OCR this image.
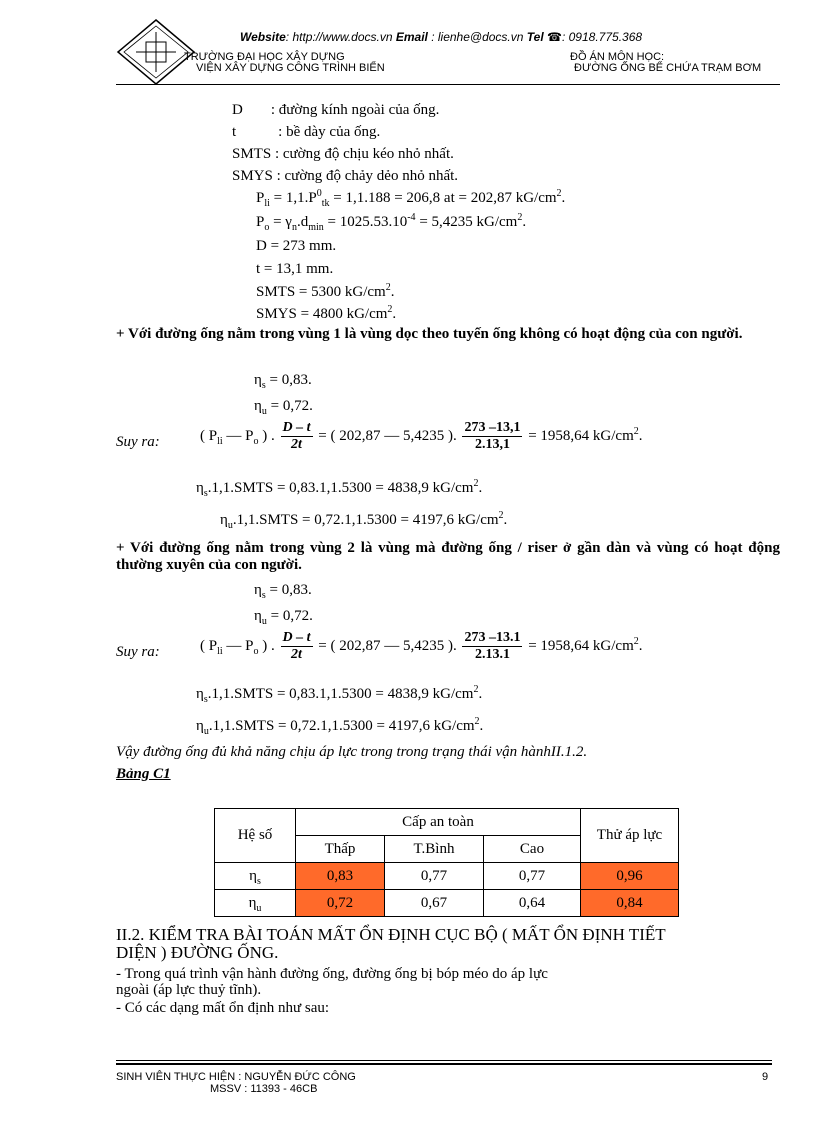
Website: http://www.docs.vn Email : lienhe@docs.vn Tel ☎: 0918.775.368
TRƯỜNG ĐẠI HỌC XÂY DỰNG
VIỆN XÂY DỰNG CÔNG TRÌNH BIỂN
ĐỒ ÁN MÔN HỌC:
ĐƯỜNG ỐNG BỂ CHỨA TRẠM BƠM
D : đường kính ngoài của ống.
t	: bề dày của ống.
SMTS : cường độ chịu kéo nhỏ nhất.
SMYS : cường độ chảy dẻo nhỏ nhất.
$P_{li} = 1,1.P^0_{tk} = 1,1.188 = 206,8$ at = 202,87 $kG/cm^2$.
$P_o = \gamma_n.d_{min} = 1025.53.10^{-4} = 5,4235$ $kG/cm^2$.
D = 273 mm.
t = 13,1 mm.
SMTS = 5300 $kG/cm^2$.
SMYS = 4800 $kG/cm^2$.
+ Với đường ống nằm trong vùng 1 là vùng dọc theo tuyến ống không có hoạt động của con người.
$\eta_s = 0,83$.
$\eta_u = 0,72$.
Suy ra:	( $P_{li}$ — $P_o$ ) . $\frac{D - t}{2t}$ = ( 202,87 — 5,4235 ). $\frac{273 -13,1}{2.13,1} = 1958,64$ $kG/cm^2$.
$\eta_s.1,1.SMTS = 0,83.1,1.5300 = 4838,9$ $kG/cm^2$.
$\eta_u.1,1.SMTS = 0,72.1,1.5300 = 4197,6$ $kG/cm^2$.
+ Với đường ống nằm trong vùng 2 là vùng mà đường ống / riser ở gần dàn và vùng có hoạt động thường xuyên của con người.
$\eta_s = 0,83$.
$\eta_u = 0,72$.
Suy ra:	( $P_{li}$ — $P_o$ ) . $\frac{D - t}{2t}$ = ( 202,87 — 5,4235 ). $\frac{273 -13.1}{2.13.1} = 1958,64$ $kG/cm^2$.
$\eta_s.1,1.SMTS = 0,83.1,1.5300 = 4838,9$ $kG/cm^2$.
$\eta_u.1,1.SMTS = 0,72.1,1.5300 = 4197,6$ $kG/cm^2$.
Vậy đường ống đủ khả năng chịu áp lực trong trong trạng thái vận hànhII.1.2.
Bảng C1
Hệ số	Cấp an toàn			Thử áp lực
	Thấp	T.Bình	Cao	
$\eta_s$	0,83	0,77	0,77	0,96
$\eta_u$	0,72	0,67	0,64	0,84
II.2. KIỂM TRA BÀI TOÁN MẤT ỔN ĐỊNH CỤC BỘ ( MẤT ỔN ĐỊNH TIẾT
DIỆN ) ĐƯỜNG ỐNG.
- Trong quá trình vận hành đường ống, đường ống bị bóp méo do áp lực
ngoài (áp lực thuỷ tĩnh).
- Có các dạng mất ổn định như sau:
SINH VIÊN THỰC HIỆN : NGUYỄN ĐỨC CÔNG
MSSV : 11393 - 46CB
9
